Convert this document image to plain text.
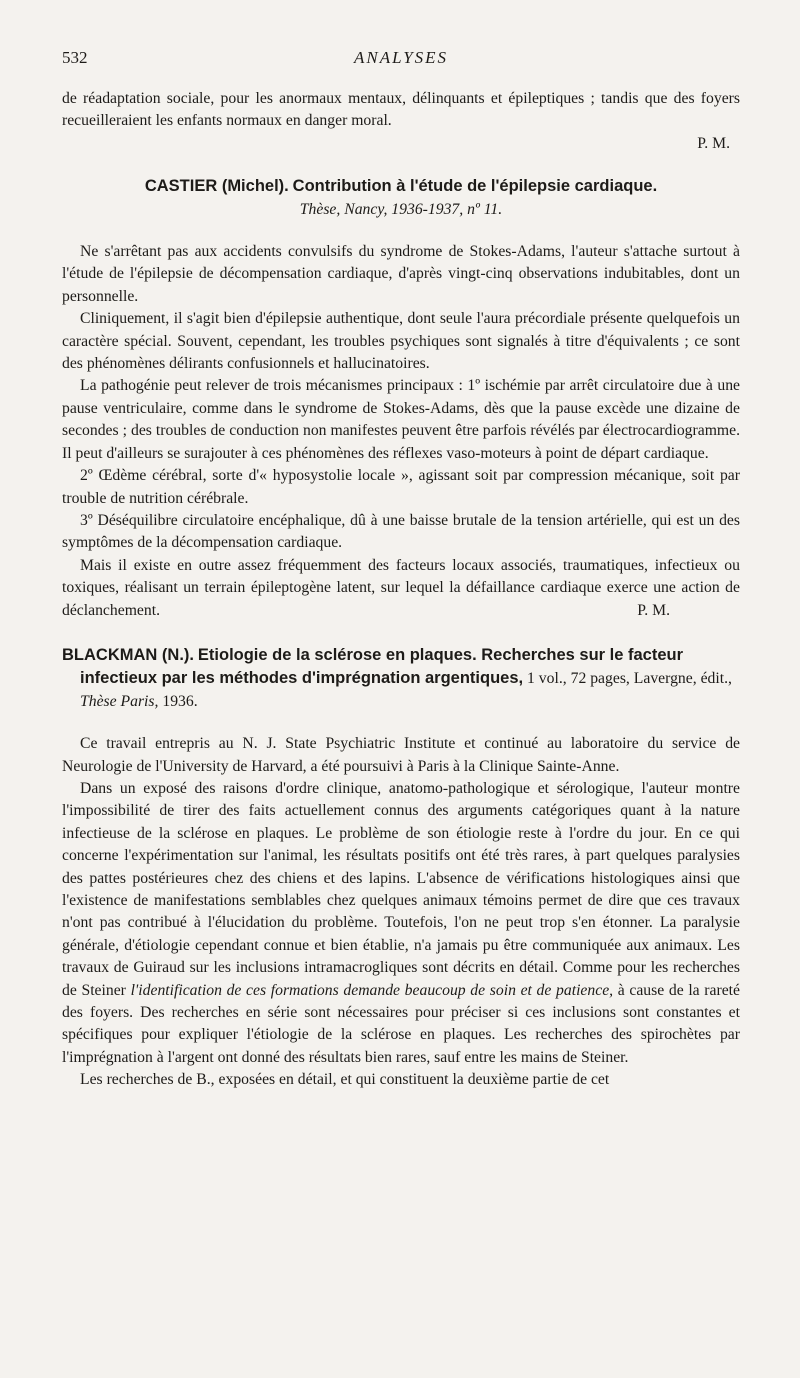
532	ANALYSES

de réadaptation sociale, pour les anormaux mentaux, délinquants et épileptiques ; tandis que des foyers recueilleraient les enfants normaux en danger moral.

P. M.

CASTIER (Michel). Contribution à l'étude de l'épilepsie cardiaque.

Thèse, Nancy, 1936-1937, nº 11.

Ne s'arrêtant pas aux accidents convulsifs du syndrome de Stokes-Adams, l'auteur s'attache surtout à l'étude de l'épilepsie de décompensation cardiaque, d'après vingt-cinq observations indubitables, dont un personnelle.

Cliniquement, il s'agit bien d'épilepsie authentique, dont seule l'aura précordiale présente quelquefois un caractère spécial. Souvent, cependant, les troubles psychiques sont signalés à titre d'équivalents ; ce sont des phénomènes délirants confusionnels et hallucinatoires.

La pathogénie peut relever de trois mécanismes principaux : 1º ischémie par arrêt circulatoire due à une pause ventriculaire, comme dans le syndrome de Stokes-Adams, dès que la pause excède une dizaine de secondes ; des troubles de conduction non manifestes peuvent être parfois révélés par électrocardiogramme. Il peut d'ailleurs se surajouter à ces phénomènes des réflexes vaso-moteurs à point de départ cardiaque.

2º Œdème cérébral, sorte d'« hyposystolie locale », agissant soit par compression mécanique, soit par trouble de nutrition cérébrale.

3º Déséquilibre circulatoire encéphalique, dû à une baisse brutale de la tension artérielle, qui est un des symptômes de la décompensation cardiaque.

Mais il existe en outre assez fréquemment des facteurs locaux associés, traumatiques, infectieux ou toxiques, réalisant un terrain épileptogène latent, sur lequel la défaillance cardiaque exerce une action de déclanchement.	P. M.

BLACKMAN (N.). Etiologie de la sclérose en plaques. Recherches sur le facteur infectieux par les méthodes d'imprégnation argentiques, 1 vol., 72 pages, Lavergne, édit., Thèse Paris, 1936.

Ce travail entrepris au N. J. State Psychiatric Institute et continué au laboratoire du service de Neurologie de l'University de Harvard, a été poursuivi à Paris à la Clinique Sainte-Anne.

Dans un exposé des raisons d'ordre clinique, anatomo-pathologique et sérologique, l'auteur montre l'impossibilité de tirer des faits actuellement connus des arguments catégoriques quant à la nature infectieuse de la sclérose en plaques. Le problème de son étiologie reste à l'ordre du jour. En ce qui concerne l'expérimentation sur l'animal, les résultats positifs ont été très rares, à part quelques paralysies des pattes postérieures chez des chiens et des lapins. L'absence de vérifications histologiques ainsi que l'existence de manifestations semblables chez quelques animaux témoins permet de dire que ces travaux n'ont pas contribué à l'élucidation du problème. Toutefois, l'on ne peut trop s'en étonner. La paralysie générale, d'étiologie cependant connue et bien établie, n'a jamais pu être communiquée aux animaux. Les travaux de Guiraud sur les inclusions intramacrogliques sont décrits en détail. Comme pour les recherches de Steiner l'identification de ces formations demande beaucoup de soin et de patience, à cause de la rareté des foyers. Des recherches en série sont nécessaires pour préciser si ces inclusions sont constantes et spécifiques pour expliquer l'étiologie de la sclérose en plaques. Les recherches des spirochètes par l'imprégnation à l'argent ont donné des résultats bien rares, sauf entre les mains de Steiner.

Les recherches de B., exposées en détail, et qui constituent la deuxième partie de cet
